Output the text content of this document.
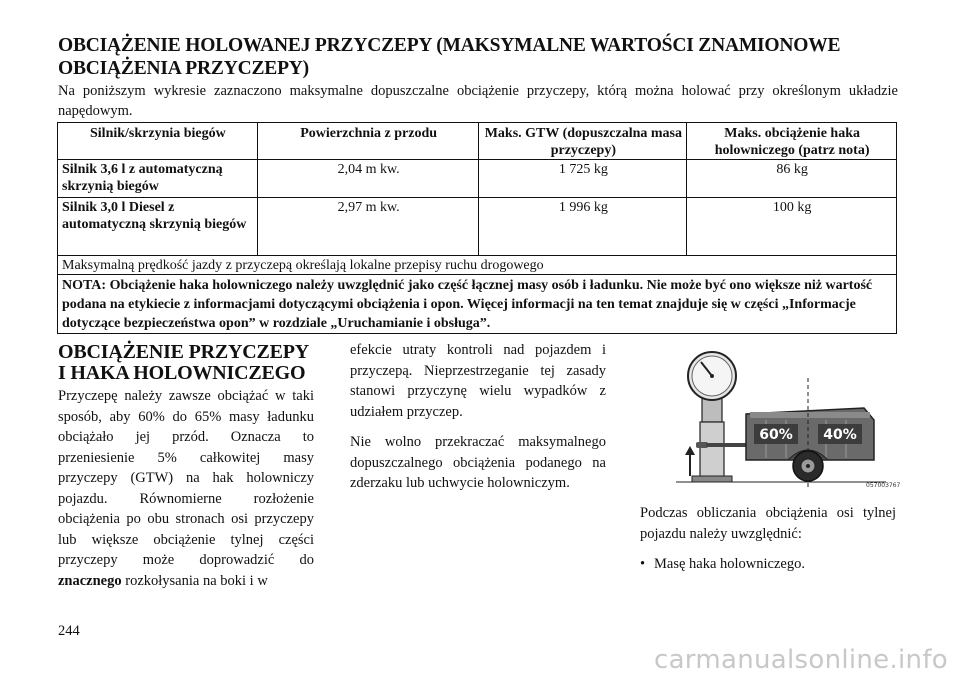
OBCIĄŻENIE HOLOWANEJ PRZYCZEPY (MAKSYMALNE WARTOŚCI ZNAMIONOWE OBCIĄŻENIA PRZYCZEPY)

Na poniższym wykresie zaznaczono maksymalne dopuszczalne obciążenie przyczepy, którą można holować przy określonym układzie napędowym.

Silnik/skrzynia biegów	Powierzchnia z przodu	Maks. GTW (dopuszczalna masa przyczepy)	Maks. obciążenie haka holowniczego (patrz nota)
Silnik 3,6 l z automatyczną skrzynią biegów	2,04 m kw.	1 725 kg	86 kg
Silnik 3,0 l Diesel z automatyczną skrzynią biegów	2,97 m kw.	1 996 kg	100 kg
Maksymalną prędkość jazdy z przyczepą określają lokalne przepisy ruchu drogowego			
NOTA: Obciążenie haka holowniczego należy uwzględnić jako część łącznej masy osób i ładunku. Nie może być ono większe niż wartość podana na etykiecie z informacjami dotyczącymi obciążenia i opon. Więcej informacji na ten temat znajduje się w części „Informacje dotyczące bezpieczeństwa opon” w rozdziale „Uruchamianie i obsługa”.			
OBCIĄŻENIE PRZYCZEPY I HAKA HOLOWNICZEGO

Przyczepę należy zawsze obciążać w taki sposób, aby 60% do 65% masy ładunku obciążało jej przód. Oznacza to przeniesienie 5% całkowitej masy przyczepy (GTW) na hak holowniczy pojazdu. Równomierne rozłożenie obciążenia po obu stronach osi przyczepy lub większe obciążenie tylnej części przyczepy może doprowadzić do znacznego rozkołysania na boki i w

efekcie utraty kontroli nad pojazdem i przyczepą. Nieprzestrzeganie tej zasady stanowi przyczynę wielu wypadków z udziałem przyczep.

Nie wolno przekraczać maksymalnego dopuszczalnego obciążenia podanego na zderzaku lub uchwycie holowniczym.

60% 40%
057003767

Podczas obliczania obciążenia osi tylnej pojazdu należy uwzględnić:

• Masę haka holowniczego.
244
carmanualsonline.info
